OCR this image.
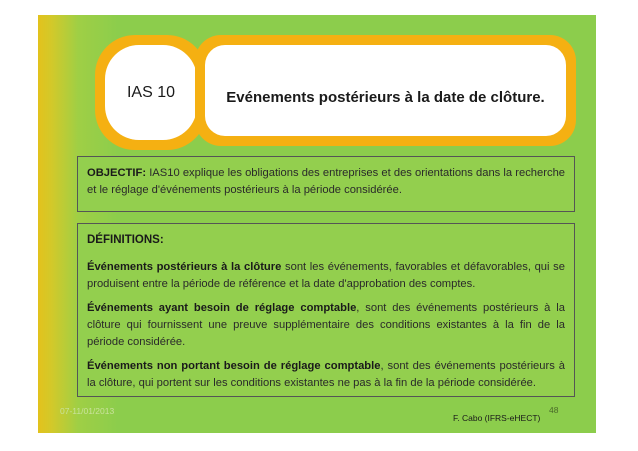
IAS 10	Evénements postérieurs à la date de clôture.
OBJECTIF: IAS10 explique les obligations des entreprises et des orientations dans la recherche et le réglage d'événements postérieurs à la période considérée.

DÉFINITIONS:

Événements postérieurs à la clôture sont les événements, favorables et défavorables, qui se produisent entre la période de référence et la date d'approbation des comptes.

Événements ayant besoin de réglage comptable, sont des événements postérieurs à la clôture qui fournissent une preuve supplémentaire des conditions existantes à la fin de la période considérée.

Événements non portant besoin de réglage comptable, sont des événements postérieurs à la clôture, qui portent sur les conditions existantes ne pas à la fin de la période considérée.

07-11/01/2013	48
F. Cabo (IFRS-eHECT)
